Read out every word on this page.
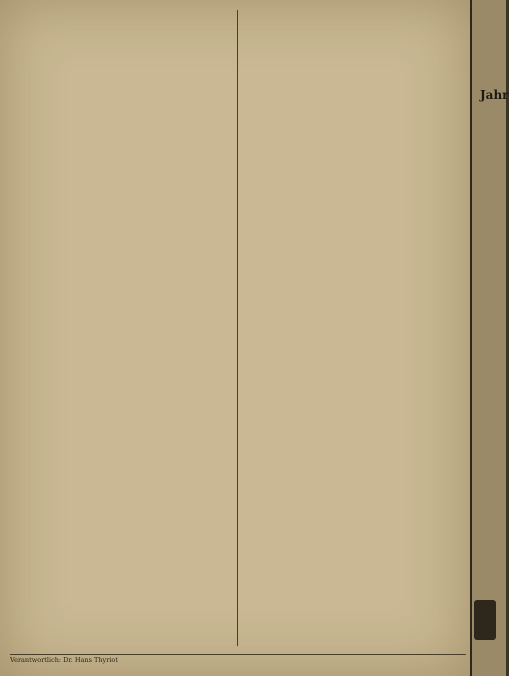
Verantwortlich: Dr. Hans Thyriot
Jahr
